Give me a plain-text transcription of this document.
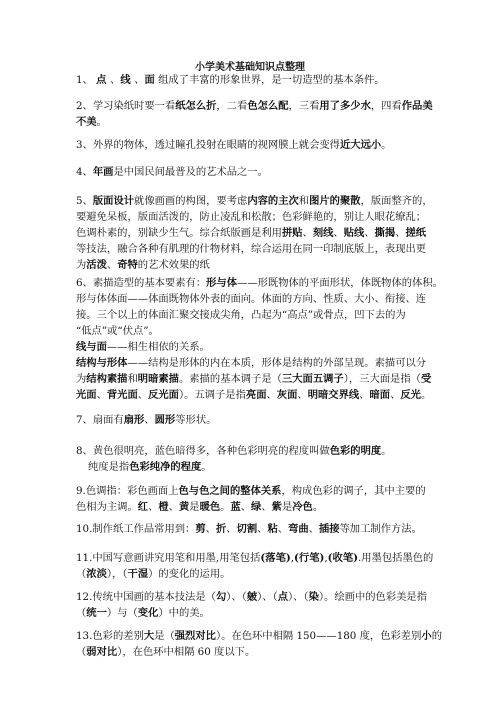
小学美术基础知识点整理
1、 点 、线 、面 组成了丰富的形象世界，是一切造型的基本条件。
2、学习染纸时要一看纸怎么折，二看色怎么配，三看用了多少水，四看作品美
不美。
3、外界的物体，透过瞳孔投射在眼睛的视网膜上就会变得近大远小。
4、年画是中国民间最普及的艺术品之一。
5、版面设计就像画画的构图，要考虑内容的主次和图片的聚散，版面整齐的，
要避免呆板，版面活泼的，防止凌乱和松散；色彩鲜艳的，别让人眼花缭乱；
色调朴素的，别缺少生气。综合纸版画是利用拼贴、刻线、贴线、撕揭、搓纸
等技法，融合各种有肌理的什物材料，综合运用在同一印制底版上，表现出更
为活泼、奇特的艺术效果的纸
6、素描造型的基本要素有：形与体——形既物体的平面形状，体既物体的体积。
形与体体面——体面既物体外表的面向。体面的方向、性质、大小、衔接、连
接。三个以上的体面汇聚交接成尖角，凸起为“高点”或骨点，凹下去的为
“低点”或“伏点”。
线与面——相生相依的关系。
结构与形体——结构是形体的内在本质，形体是结构的外部呈现。素描可以分
为结构素描和明暗素描。素描的基本调子是（三大面五调子），三大面是指（受
光面、背光面、反光面）。五调子是指亮面、灰面、明暗交界线、暗面、反光。
7、扇面有扇形、圆形等形状。
8、黄色很明亮，蓝色暗得多，各种色彩明亮的程度叫做色彩的明度。
纯度是指色彩纯净的程度。
9.色调指：彩色画面上色与色之间的整体关系，构成色彩的调子，其中主要的
色相为主调。红、橙、黄是暖色。蓝、绿、紫是冷色。
10.制作纸工作品常用到：剪、折、切割、粘、弯曲、插接等加工制作方法。
11.中国写意画讲究用笔和用墨,用笔包括(落笔),(行笔),(收笔).用墨包括墨色的
（浓淡），（干湿）的变化的运用。
12.传统中国画的基本技法是（勾）、（皴）、（点）、（染）。绘画中的色彩美是指
（统一）与（变化）中的美。
13.色彩的差别大是（强烈对比）。在色环中相隔 150——180 度，色彩差别小的
（弱对比），在色环中相隔 60 度以下。
